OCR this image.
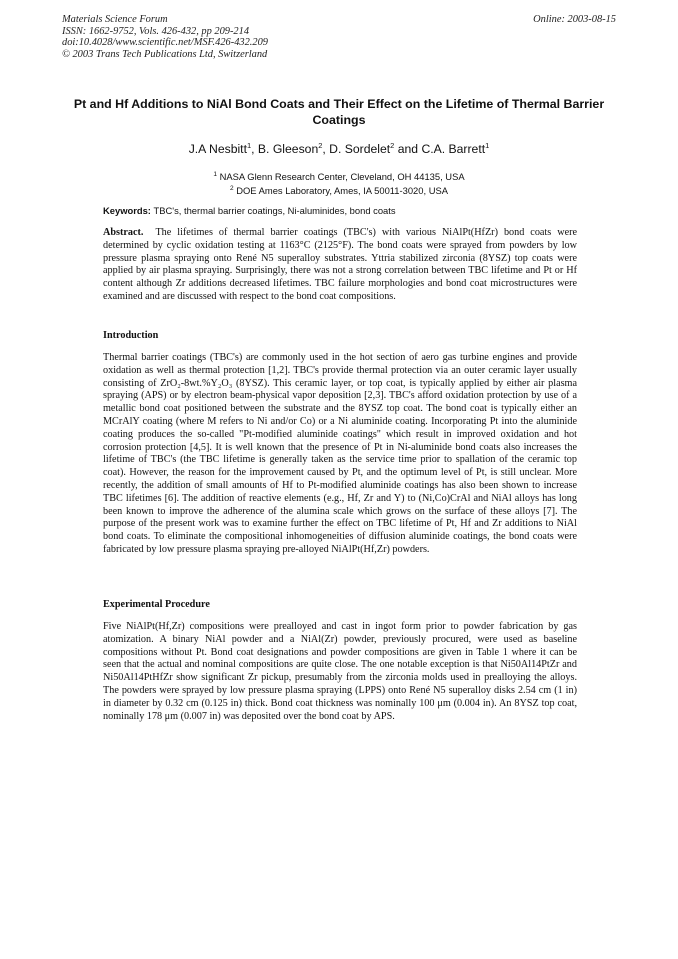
Materials Science Forum
ISSN: 1662-9752, Vols. 426-432, pp 209-214
doi:10.4028/www.scientific.net/MSF.426-432.209
© 2003 Trans Tech Publications Ltd, Switzerland
Online: 2003-08-15
Pt and Hf Additions to NiAl Bond Coats and Their Effect on the Lifetime of Thermal Barrier Coatings
J.A Nesbitt$^1$, B. Gleeson$^2$, D. Sordelet$^2$ and C.A. Barrett$^1$
$^1$ NASA Glenn Research Center, Cleveland, OH 44135, USA
$^2$ DOE Ames Laboratory, Ames, IA 50011-3020, USA
Keywords: TBC's, thermal barrier coatings, Ni-aluminides, bond coats
Abstract. The lifetimes of thermal barrier coatings (TBC's) with various NiAlPt(HfZr) bond coats were determined by cyclic oxidation testing at 1163°C (2125°F). The bond coats were sprayed from powders by low pressure plasma spraying onto René N5 superalloy substrates. Yttria stabilized zirconia (8YSZ) top coats were applied by air plasma spraying. Surprisingly, there was not a strong correlation between TBC lifetime and Pt or Hf content although Zr additions decreased lifetimes. TBC failure morphologies and bond coat microstructures were examined and are discussed with respect to the bond coat compositions.
Introduction
Thermal barrier coatings (TBC's) are commonly used in the hot section of aero gas turbine engines and provide oxidation as well as thermal protection [1,2]. TBC's provide thermal protection via an outer ceramic layer usually consisting of ZrO₂-8wt.%Y₂O₃ (8YSZ). This ceramic layer, or top coat, is typically applied by either air plasma spraying (APS) or by electron beam-physical vapor deposition [2,3]. TBC's afford oxidation protection by use of a metallic bond coat positioned between the substrate and the 8YSZ top coat. The bond coat is typically either an MCrAlY coating (where M refers to Ni and/or Co) or a Ni aluminide coating. Incorporating Pt into the aluminide coating produces the so-called "Pt-modified aluminide coatings" which result in improved oxidation and hot corrosion protection [4,5]. It is well known that the presence of Pt in Ni-aluminide bond coats also increases the lifetime of TBC's (the TBC lifetime is generally taken as the service time prior to spallation of the ceramic top coat). However, the reason for the improvement caused by Pt, and the optimum level of Pt, is still unclear. More recently, the addition of small amounts of Hf to Pt-modified aluminide coatings has also been shown to increase TBC lifetimes [6]. The addition of reactive elements (e.g., Hf, Zr and Y) to (Ni,Co)CrAl and NiAl alloys has long been known to improve the adherence of the alumina scale which grows on the surface of these alloys [7]. The purpose of the present work was to examine further the effect on TBC lifetime of Pt, Hf and Zr additions to NiAl bond coats. To eliminate the compositional inhomogeneities of diffusion aluminide coatings, the bond coats were fabricated by low pressure plasma spraying pre-alloyed NiAlPt(Hf,Zr) powders.
Experimental Procedure
Five NiAlPt(Hf,Zr) compositions were prealloyed and cast in ingot form prior to powder fabrication by gas atomization. A binary NiAl powder and a NiAl(Zr) powder, previously procured, were used as baseline compositions without Pt. Bond coat designations and powder compositions are given in Table 1 where it can be seen that the actual and nominal compositions are quite close. The one notable exception is that Ni50Al14PtZr and Ni50Al14PtHfZr show significant Zr pickup, presumably from the zirconia molds used in prealloying the alloys. The powders were sprayed by low pressure plasma spraying (LPPS) onto René N5 superalloy disks 2.54 cm (1 in) in diameter by 0.32 cm (0.125 in) thick. Bond coat thickness was nominally 100 μm (0.004 in). An 8YSZ top coat, nominally 178 μm (0.007 in) was deposited over the bond coat by APS.
